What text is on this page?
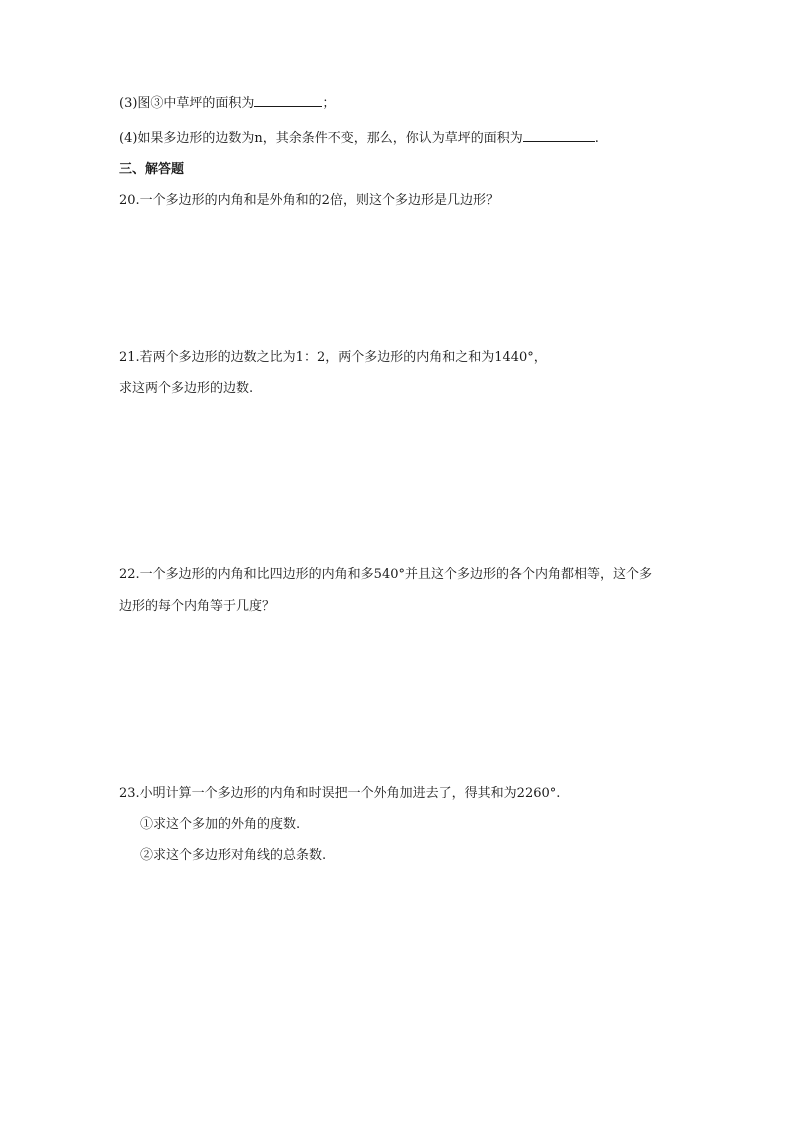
(3)图③中草坪的面积为	；
(4)如果多边形的边数为n，其余条件不变，那么，你认为草坪的面积为	.
三、解答题
20.一个多边形的内角和是外角和的2倍，则这个多边形是几边形？
21.若两个多边形的边数之比为1：2，两个多边形的内角和之和为1440°，
求这两个多边形的边数.
22.一个多边形的内角和比四边形的内角和多540°并且这个多边形的各个内角都相等，这个多
边形的每个内角等于几度？
23.小明计算一个多边形的内角和时误把一个外角加进去了，得其和为2260°.
①求这个多加的外角的度数.
②求这个多边形对角线的总条数.
